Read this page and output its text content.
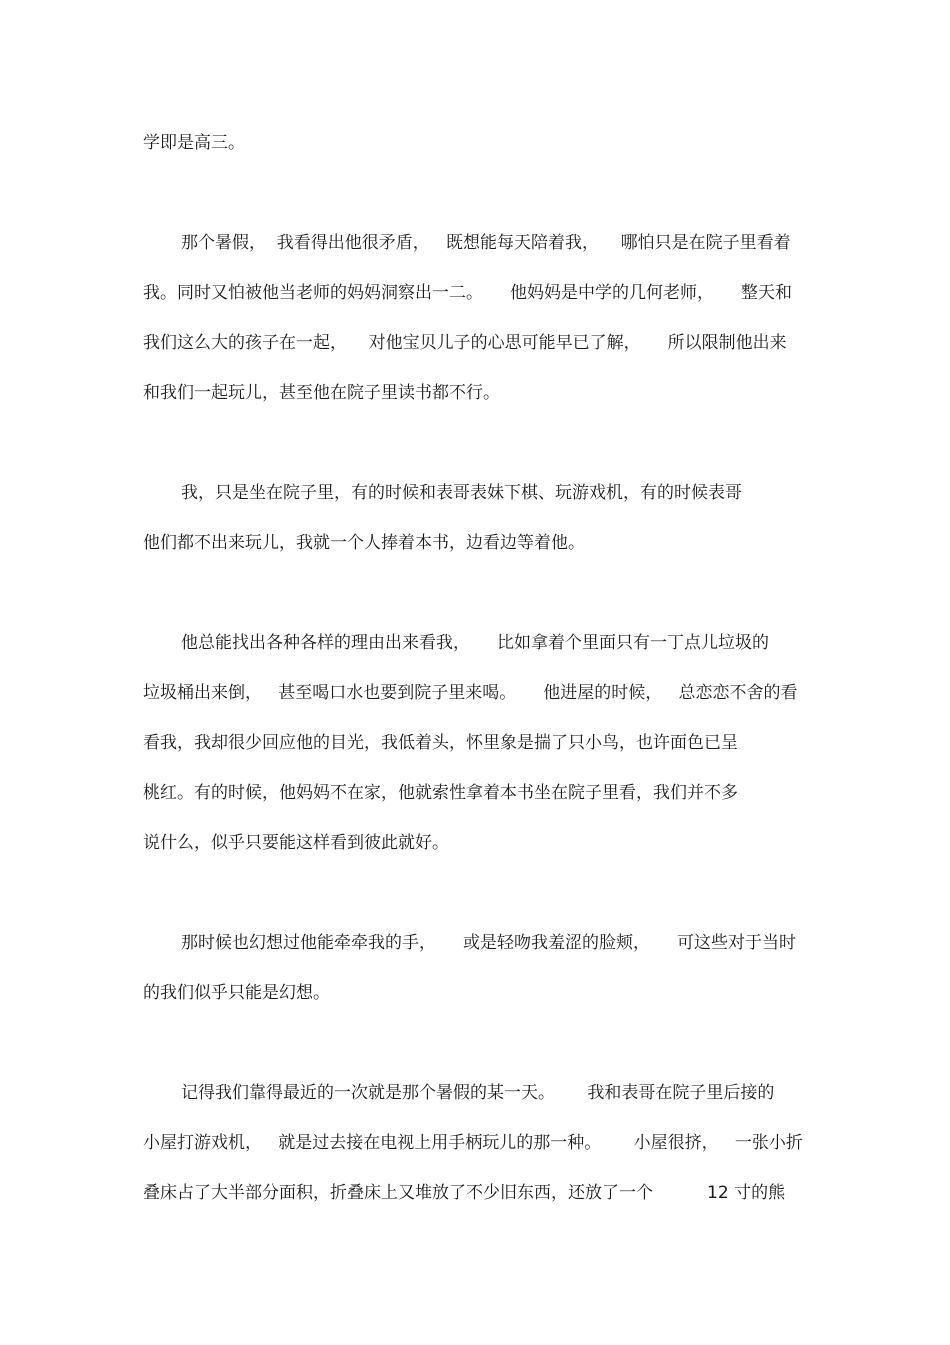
学即是高三。
那个暑假，  我看得出他很矛盾，   既想能每天陪着我，    哪怕只是在院子里看着
我。同时又怕被他当老师的妈妈洞察出一二。     他妈妈是中学的几何老师，     整天和
我们这么大的孩子在一起，    对他宝贝儿子的心思可能早已了解，     所以限制他出来
和我们一起玩儿，甚至他在院子里读书都不行。
我，只是坐在院子里，有的时候和表哥表妹下棋、玩游戏机，有的时候表哥
他们都不出来玩儿，我就一个人捧着本书，边看边等着他。
他总能找出各种各样的理由出来看我，     比如拿着个里面只有一丁点儿垃圾的
垃圾桶出来倒，   甚至喝口水也要到院子里来喝。     他进屋的时候，   总恋恋不舍的看
看我，我却很少回应他的目光，我低着头，怀里象是揣了只小鸟，也许面色已呈
桃红。有的时候，他妈妈不在家，他就索性拿着本书坐在院子里看，我们并不多
说什么，似乎只要能这样看到彼此就好。
那时候也幻想过他能牵牵我的手，     或是轻吻我羞涩的脸颊，     可这些对于当时
的我们似乎只能是幻想。
记得我们靠得最近的一次就是那个暑假的某一天。      我和表哥在院子里后接的
小屋打游戏机，   就是过去接在电视上用手柄玩儿的那一种。      小屋很挤，   一张小折
叠床占了大半部分面积，折叠床上又堆放了不少旧东西，还放了一个          12 寸的熊
